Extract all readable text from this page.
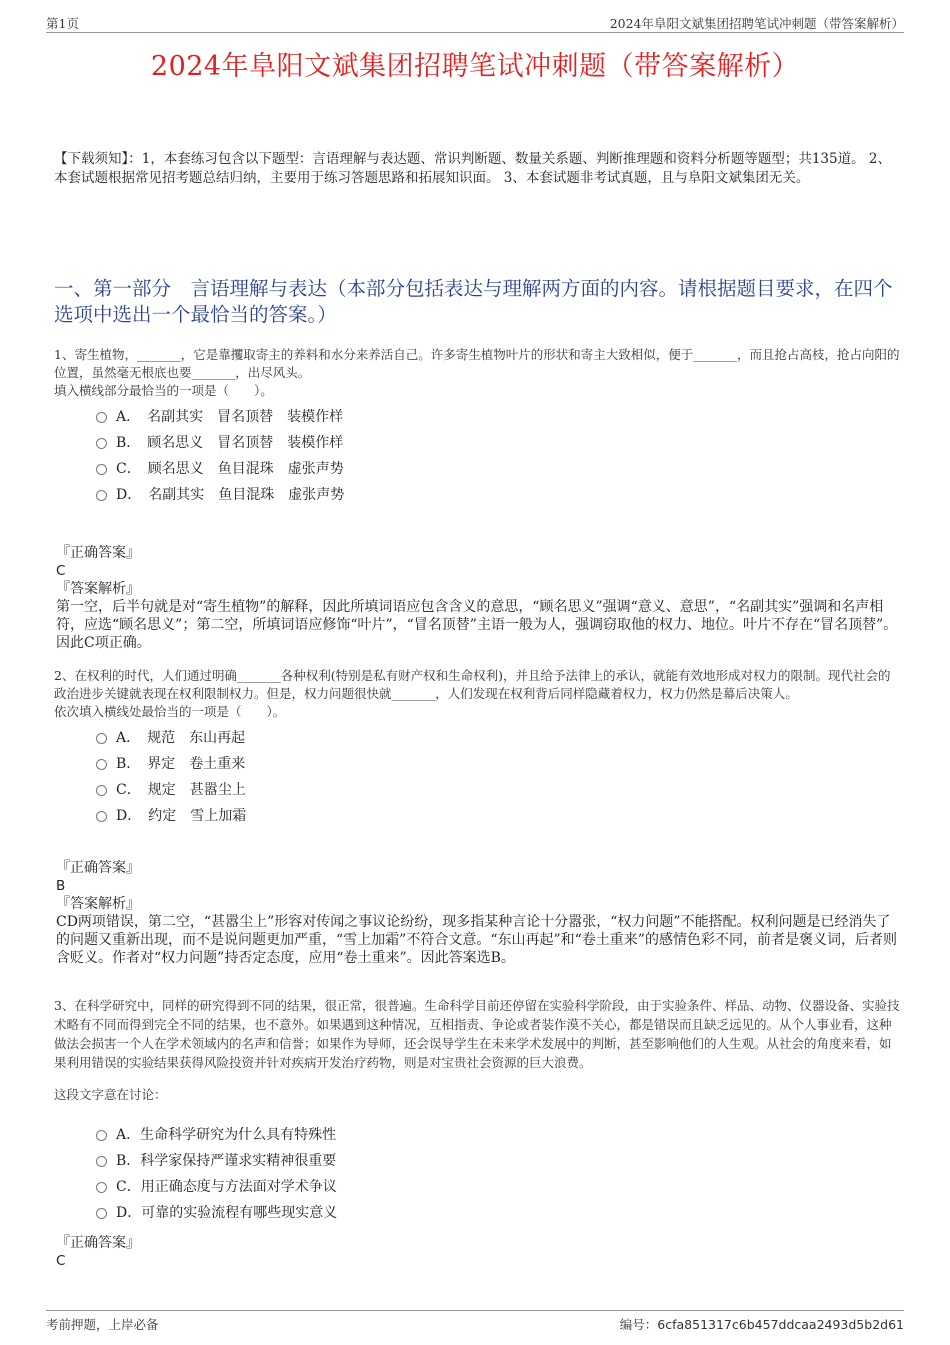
第1页	2024年阜阳文斌集团招聘笔试冲刺题（带答案解析）
2024年阜阳文斌集团招聘笔试冲刺题（带答案解析）
【下载须知】：1，本套练习包含以下题型：言语理解与表达题、常识判断题、数量关系题、判断推理题和资料分析题等题型；共135道。 2、本套试题根据常见招考题总结归纳，主要用于练习答题思路和拓展知识面。 3、本套试题非考试真题，且与阜阳文斌集团无关。
一、第一部分　言语理解与表达（本部分包括表达与理解两方面的内容。请根据题目要求，在四个选项中选出一个最恰当的答案。）

1、寄生植物，_______，它是靠攫取寄主的养料和水分来养活自己。许多寄生植物叶片的形状和寄主大致相似，便于_______，而且抢占高枝，抢占向阳的位置，虽然毫无根底也要_______，出尽风头。

填入横线部分最恰当的一项是（　　）。

A．　名副其实　冒名顶替　装模作样
B．　顾名思义　冒名顶替　装模作样
C．　顾名思义　鱼目混珠　虚张声势
D．　名副其实　鱼目混珠　虚张声势
『正确答案』
C
『答案解析』
第一空，后半句就是对“寄生植物”的解释，因此所填词语应包含含义的意思，“顾名思义”强调“意义、意思”，“名副其实”强调和名声相符，应选“顾名思义”；第二空，所填词语应修饰“叶片”，“冒名顶替”主语一般为人，强调窃取他的权力、地位。叶片不存在“冒名顶替”。因此C项正确。

2、在权利的时代，人们通过明确_______各种权利(特别是私有财产权和生命权利)，并且给予法律上的承认，就能有效地形成对权力的限制。现代社会的政治进步关键就表现在权利限制权力。但是，权力问题很快就_______，人们发现在权利背后同样隐藏着权力，权力仍然是幕后决策人。

依次填入横线处最恰当的一项是（　　）。

A．　规范　东山再起
B．　界定　卷土重来
C．　规定　甚嚣尘上
D．　约定　雪上加霜
『正确答案』
B
『答案解析』
CD两项错误，第二空，“甚嚣尘上”形容对传闻之事议论纷纷，现多指某种言论十分嚣张，“权力问题”不能搭配。权利问题是已经消失了的问题又重新出现，而不是说问题更加严重，“雪上加霜”不符合文意。“东山再起”和“卷土重来”的感情色彩不同，前者是褒义词，后者则含贬义。作者对“权力问题”持否定态度，应用“卷土重来”。因此答案选B。

3、在科学研究中，同样的研究得到不同的结果，很正常，很普遍。生命科学目前还停留在实验科学阶段，由于实验条件、样品、动物、仪器设备、实验技术略有不同而得到完全不同的结果，也不意外。如果遇到这种情况，互相指责、争论或者装作漠不关心，都是错误而且缺乏远见的。从个人事业看，这种做法会损害一个人在学术领域内的名声和信誉；如果作为导师，还会误导学生在未来学术发展中的判断，甚至影响他们的人生观。从社会的角度来看，如果利用错误的实验结果获得风险投资并针对疾病开发治疗药物，则是对宝贵社会资源的巨大浪费。

这段文字意在讨论：

A．生命科学研究为什么具有特殊性
B．科学家保持严谨求实精神很重要
C．用正确态度与方法面对学术争议
D．可靠的实验流程有哪些现实意义
『正确答案』
C
考前押题，上岸必备	编号：6cfa851317c6b457ddcaa2493d5b2d61
